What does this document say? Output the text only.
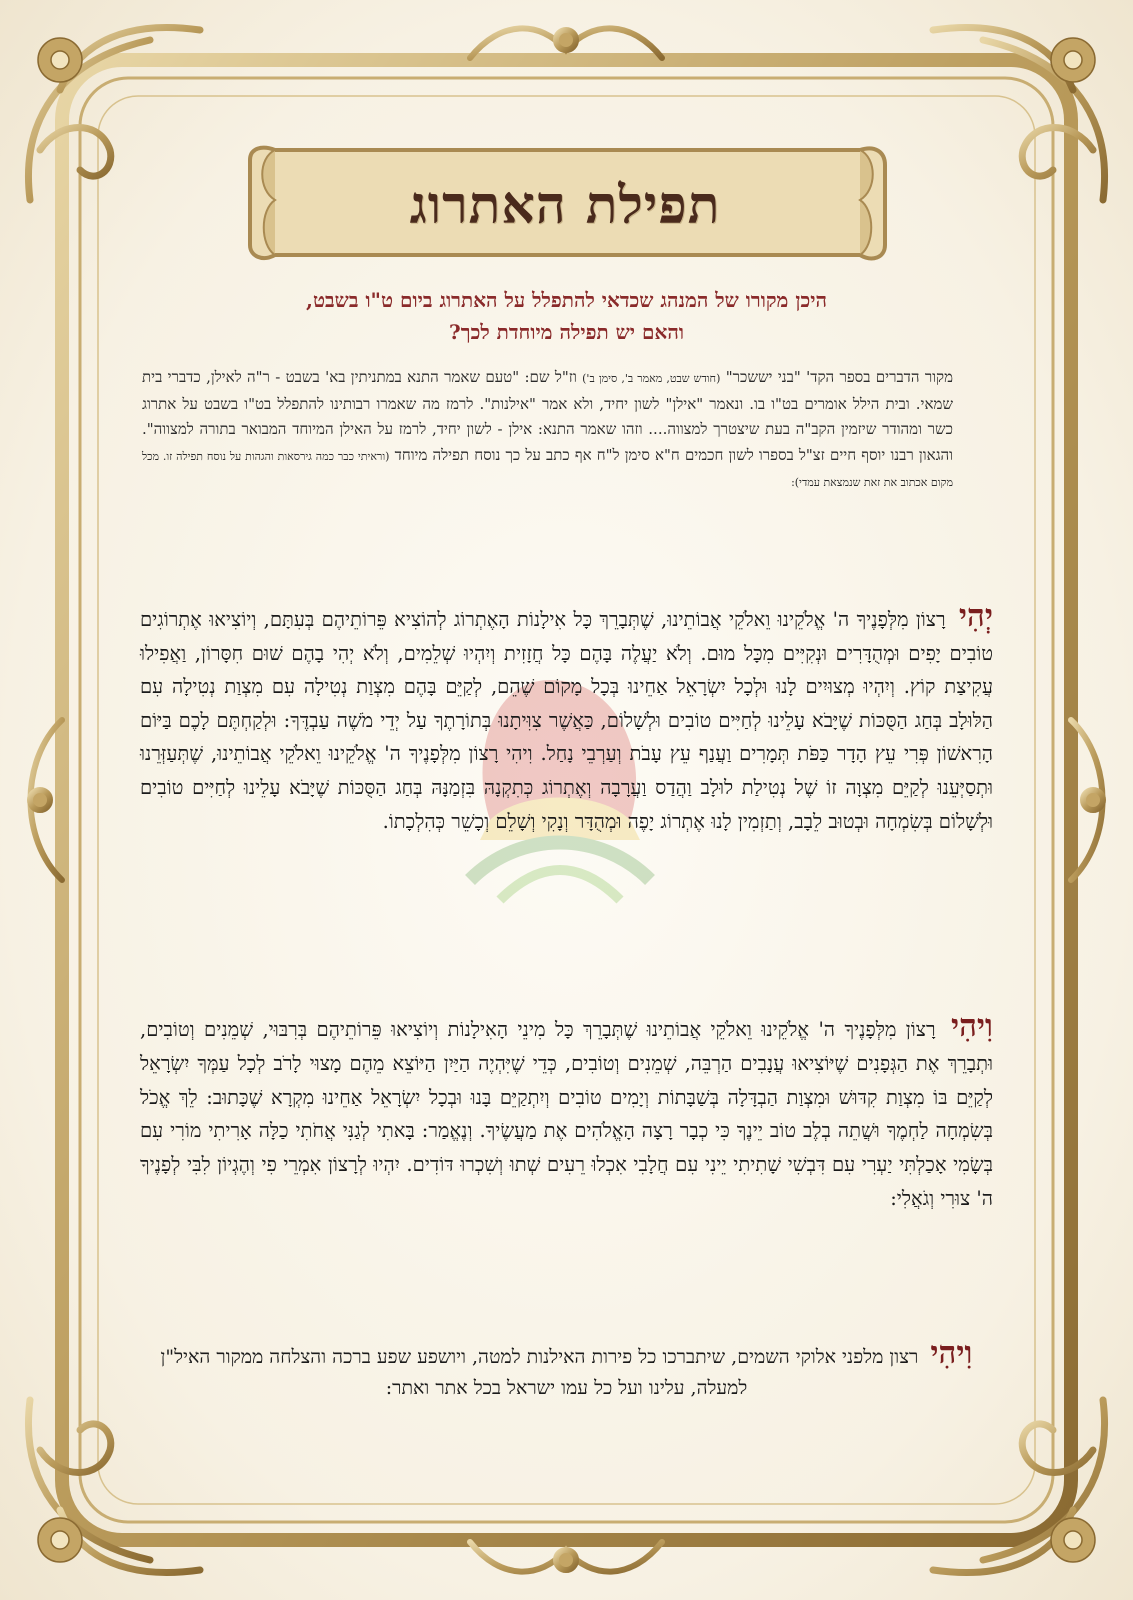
תפילת האתרוג
היכן מקורו של המנהג שכדאי להתפלל על האתרוג ביום ט"ו בשבט,
והאם יש תפילה מיוחדת לכך?
מקור הדברים בספר הקד' "בני יששכר" (חודש שבט, מאמר ב', סימן ב') וז"ל שם: "טעם שאמר התנא במתניתין בא' בשבט - ר"ה לאילן, כדברי בית שמאי. ובית הילל אומרים בט"ו בו. ונאמר "אילן" לשון יחיד, ולא אמר "אילנות". לרמז מה שאמרו רבותינו להתפלל בט"ו בשבט על אתרוג כשר ומהודר שיזמין הקב"ה בעת שיצטרך למצווה.... וזהו שאמר התנא: אילן - לשון יחיד, לרמז על האילן המיוחד המבואר בתורה למצווה". והגאון רבנו יוסף חיים זצ"ל בספרו לשון חכמים ח"א סימן ל"ח אף כתב על כך נוסח תפילה מיוחד (וראיתי כבר כמה גירסאות והגהות על נוסח תפילה זו. מכל מקום אכתוב את זאת שנמצאת עמדי):
יְהִי רָצוֹן מִלְּפָנֶיךָ ה' אֱלֹקֵינוּ וֵאלֹקֵי אֲבוֹתֵינוּ, שֶׁתְּבָרֵךְ כָּל אִילָנוֹת הָאֶתְרוֹג לְהוֹצִיא פֵּרוֹתֵיהֶם בְּעִתָּם, וְיוֹצִיאוּ אֶתְרוֹגִים טוֹבִים יָפִים וּמְהֻדָּרִים וּנְקִיִּים מִכָּל מוּם. וְלֹא יַעֲלֶה בָּהֶם כָּל חֲזָזִית וְיִהְיוּ שְׁלֵמִים, וְלֹא יְהִי בָהֶם שׁוּם חִסָּרוֹן, וַאֲפִילוּ עֲקִיצַת קוֹץ. וְיִהְיוּ מְצוּיִים לָנוּ וּלְכָל יִשְׂרָאֵל אַחֵינוּ בְּכָל מָקוֹם שֶׁהֵם, לְקַיֵּם בָּהֶם מִצְוַת נְטִילָה עִם מִצְוַת נְטִילָה עִם הַלּוּלָב בְּחַג הַסֻּכּוֹת שֶׁיָּבֹא עָלֵינוּ לְחַיִּים טוֹבִים וּלְשָׁלוֹם, כַּאֲשֶׁר צִוִּיתָנוּ בְּתוֹרָתֶךָ עַל יְדֵי מֹשֶׁה עַבְדֶּךָ: וּלְקַחְתֶּם לָכֶם בַּיּוֹם הָרִאשׁוֹן פְּרִי עֵץ הָדָר כַּפֹּת תְּמָרִים וַעֲנַף עֵץ עָבֹת וְעַרְבֵי נָחַל. וִיהִי רָצוֹן מִלְּפָנֶיךָ ה' אֱלֹקֵינוּ וֵאלֹקֵי אֲבוֹתֵינוּ, שֶׁתְּעַזְּרֵנוּ וּתְסַיְּעֵנוּ לְקַיֵּם מִצְוָה זוֹ שֶׁל נְטִילַת לוּלָב וַהֲדַס וַעֲרָבָה וְאֶתְרוֹג כְּתִקְנָהּ בִּזְמַנָּהּ בְּחַג הַסֻּכּוֹת שֶׁיָּבֹא עָלֵינוּ לְחַיִּים טוֹבִים וּלְשָׁלוֹם בְּשִׂמְחָה וּבְטוּב לֵבָב, וְתַזְמִין לָנוּ אֶתְרוֹג יָפֶה וּמְהֻדָּר וְנָקִי וְשָׁלֵם וְכָשֵׁר כְּהִלְכָתוֹ.
וִיהִי רָצוֹן מִלְּפָנֶיךָ ה' אֱלֹקֵינוּ וֵאלֹקֵי אֲבוֹתֵינוּ שֶׁתְּבָרֵךְ כָּל מִינֵי הָאִילָנוֹת וְיוֹצִיאוּ פֵּרוֹתֵיהֶם בְּרִבּוּי, שְׁמֵנִים וְטוֹבִים, וּתְבָרֵךְ אֶת הַגְּפָנִים שֶׁיּוֹצִיאוּ עֲנָבִים הַרְבֵּה, שְׁמֵנִים וְטוֹבִים, כְּדֵי שֶׁיִּהְיֶה הַיַּיִן הַיּוֹצֵא מֵהֶם מָצוּי לָרֹב לְכָל עַמְּךָ יִשְׂרָאֵל לְקַיֵּם בּוֹ מִצְוַת קִדּוּשׁ וּמִצְוַת הַבְדָּלָה בְּשַׁבָּתוֹת וְיָמִים טוֹבִים וְיִתְקַיֵּם בָּנוּ וּבְכָל יִשְׂרָאֵל אַחֵינוּ מִקְרָא שֶׁכָּתוּב: לֵךְ אֱכֹל בְּשִׂמְחָה לַחְמֶךָ וּשֲׁתֵה בְלֶב טוֹב יֵינֶךָ כִּי כְבָר רָצָה הָאֱלֹהִים אֶת מַעֲשֶׂיךָ. וְנֶאֱמַר: בָּאתִי לְגַנִּי אֲחֹתִי כַלָּה אָרִיתִי מוֹרִי עִם בְּשָׂמִי אָכַלְתִּי יַעְרִי עִם דִּבְשִׁי שָׁתִיתִי יֵינִי עִם חֲלָבִי אִכְלוּ רֵעִים שְׁתוּ וְשִׁכְרוּ דּוֹדִים. יִהְיוּ לְרָצוֹן אִמְרֵי פִי וְהֶגְיוֹן לִבִּי לְפָנֶיךָ ה' צוּרִי וְגֹאֲלִי:
וִיהִי רצון מלפני אלוקי השמים, שיתברכו כל פירות האילנות למטה, ויושפע שפע ברכה והצלחה ממקור האיל"ן למעלה, עלינו ועל כל עמו ישראל בכל אתר ואתר:
